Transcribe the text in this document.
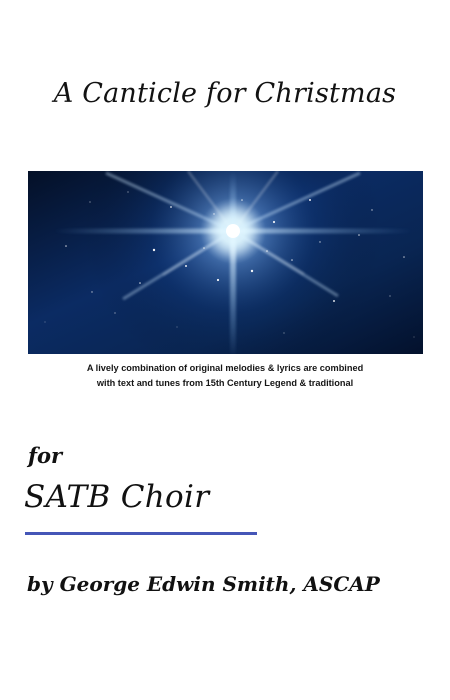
A Canticle for Christmas
A lively combination of original melodies & lyrics are combined
with text and tunes from 15th Century Legend & traditional
for
SATB Choir
by George Edwin Smith, ASCAP
